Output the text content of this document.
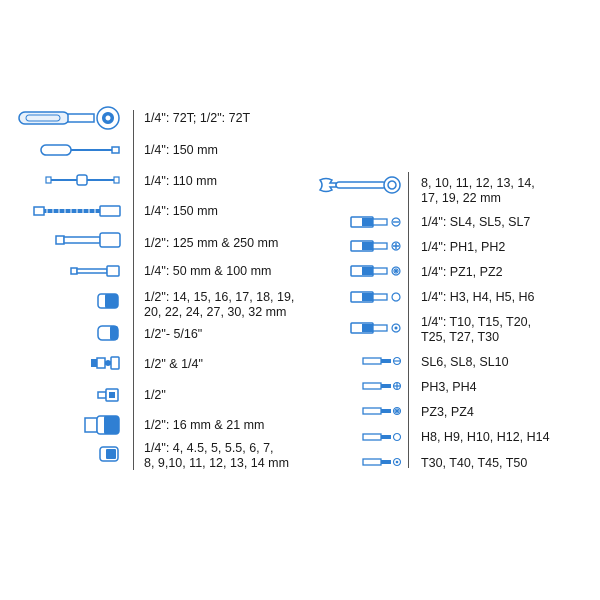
1/4": 72T; 1/2": 72T
1/4": 150 mm
1/4": 110 mm
1/4": 150 mm
1/2": 125 mm & 250 mm
1/4": 50 mm & 100 mm
1/2": 14, 15, 16, 17, 18, 19,
20, 22, 24, 27, 30, 32 mm
1/2"- 5/16"
1/2" & 1/4"
1/2"
1/2": 16 mm & 21 mm
1/4": 4, 4.5, 5, 5.5, 6, 7,
8, 9,10, 11, 12, 13, 14 mm
8, 10, 11, 12, 13, 14,
17, 19, 22 mm
1/4": SL4, SL5, SL7
1/4": PH1, PH2
1/4": PZ1, PZ2
1/4": H3, H4, H5, H6
1/4": T10, T15, T20,
T25, T27, T30
SL6, SL8, SL10
PH3, PH4
PZ3, PZ4
H8, H9, H10, H12, H14
T30, T40, T45, T50
